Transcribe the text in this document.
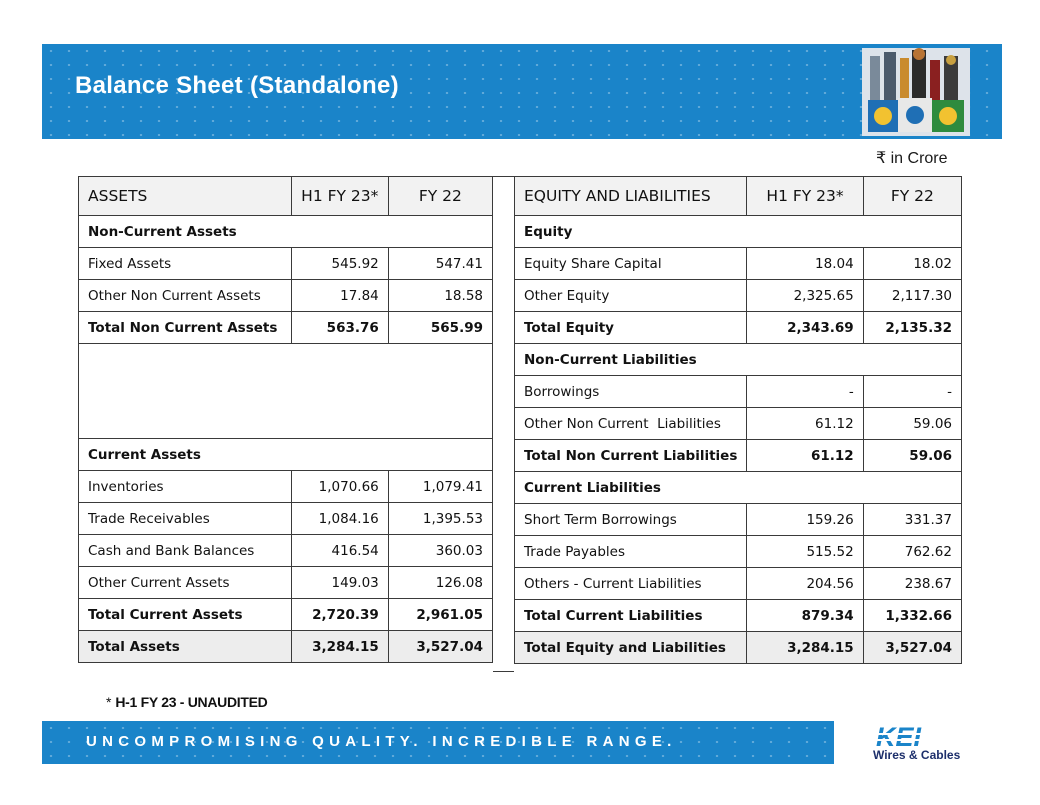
Balance Sheet (Standalone)
₹ in Crore
ASSETS	H1 FY 23*	FY 22
Non-Current Assets		
Fixed Assets	545.92	547.41
Other Non Current Assets	17.84	18.58
Total Non Current Assets	563.76	565.99

Current Assets		
Inventories	1,070.66	1,079.41
Trade Receivables	1,084.16	1,395.53
Cash and Bank Balances	416.54	360.03
Other Current Assets	149.03	126.08
Total Current Assets	2,720.39	2,961.05
Total Assets	3,284.15	3,527.04
EQUITY AND LIABILITIES	H1 FY 23*	FY 22
Equity		
Equity Share Capital	18.04	18.02
Other Equity	2,325.65	2,117.30
Total Equity	2,343.69	2,135.32
Non-Current Liabilities		
Borrowings	-	-
Other Non Current  Liabilities	61.12	59.06
Total Non Current Liabilities	61.12	59.06
Current Liabilities		
Short Term Borrowings	159.26	331.37
Trade Payables	515.52	762.62
Others - Current Liabilities	204.56	238.67
Total Current Liabilities	879.34	1,332.66
Total Equity and Liabilities	3,284.15	3,527.04
* H-1 FY 23 - UNAUDITED
UNCOMPROMISING QUALITY. INCREDIBLE RANGE.	KEI
Wires & Cables
